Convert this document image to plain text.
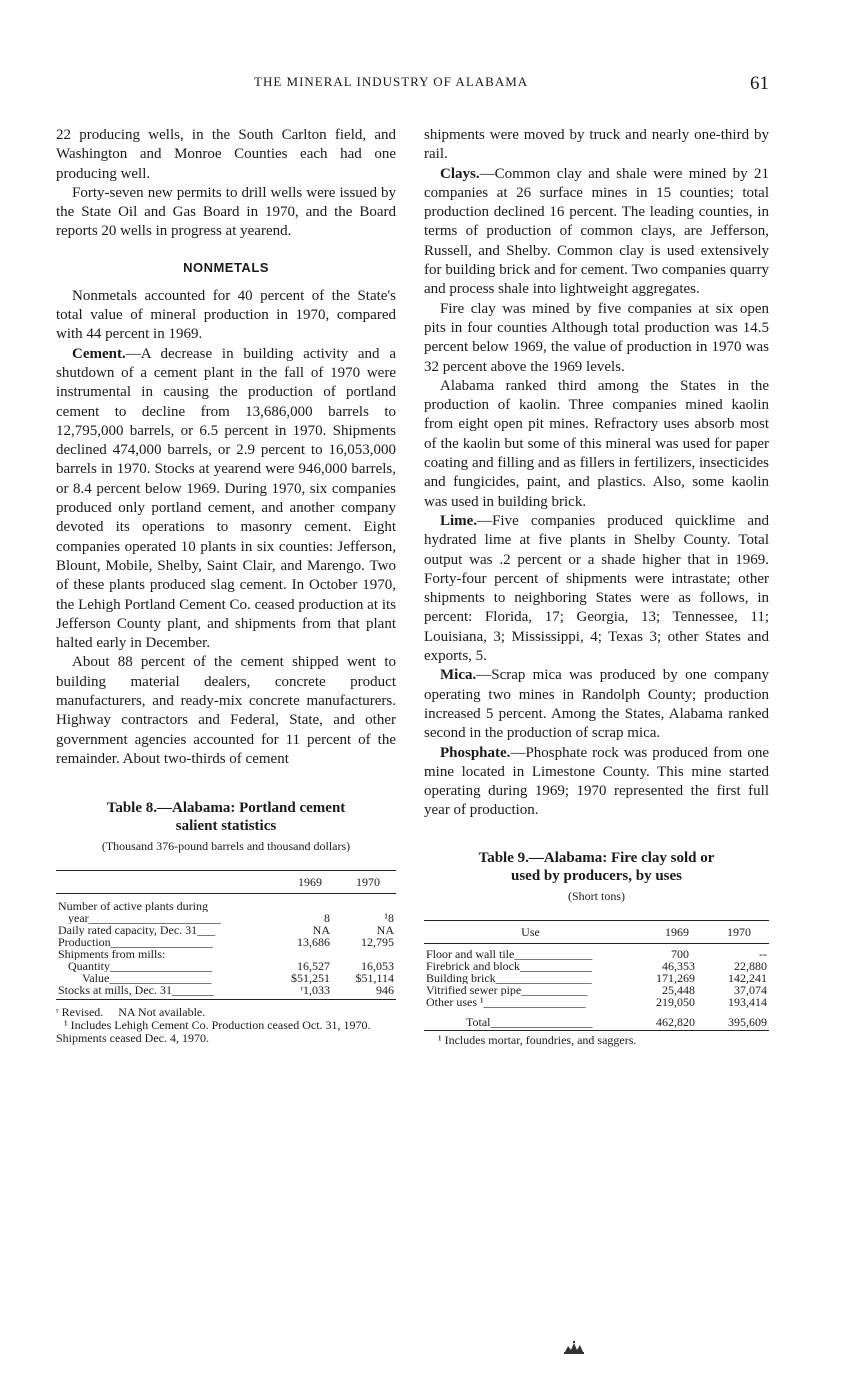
THE MINERAL INDUSTRY OF ALABAMA	61

22 producing wells, in the South Carlton field, and Washington and Monroe Counties each had one producing well.

Forty-seven new permits to drill wells were issued by the State Oil and Gas Board in 1970, and the Board reports 20 wells in progress at yearend.

NONMETALS

Nonmetals accounted for 40 percent of the State's total value of mineral production in 1970, compared with 44 percent in 1969.

Cement.—A decrease in building activity and a shutdown of a cement plant in the fall of 1970 were instrumental in causing the production of portland cement to decline from 13,686,000 barrels to 12,795,000 barrels, or 6.5 percent in 1970. Shipments declined 474,000 barrels, or 2.9 percent to 16,053,000 barrels in 1970. Stocks at yearend were 946,000 barrels, or 8.4 percent below 1969. During 1970, six companies produced only portland cement, and another company devoted its operations to masonry cement. Eight companies operated 10 plants in six counties: Jefferson, Blount, Mobile, Shelby, Saint Clair, and Marengo. Two of these plants produced slag cement. In October 1970, the Lehigh Portland Cement Co. ceased production at its Jefferson County plant, and shipments from that plant halted early in December.

About 88 percent of the cement shipped went to building material dealers, concrete product manufacturers, and ready-mix concrete manufacturers. Highway contractors and Federal, State, and other government agencies accounted for 11 percent of the remainder. About two-thirds of cement

Table 8.—Alabama: Portland cement
salient statistics
(Thousand 376-pound barrels and thousand dollars)
	1969	1970
Number of active plants during		
year______________________	8	¹8
Daily rated capacity, Dec. 31___	NA	NA
Production_________________	13,686	12,795
Shipments from mills:		
Quantity_________________	16,527	16,053
Value_________________	$51,251	$51,114
Stocks at mills, Dec. 31_______	ʳ1,033	946

ʳ Revised.     NA Not available.

¹ Includes Lehigh Cement Co. Production ceased Oct. 31, 1970. Shipments ceased Dec. 4, 1970.

shipments were moved by truck and nearly one-third by rail.

Clays.—Common clay and shale were mined by 21 companies at 26 surface mines in 15 counties; total production declined 16 percent. The leading counties, in terms of production of common clays, are Jefferson, Russell, and Shelby. Common clay is used extensively for building brick and for cement. Two companies quarry and process shale into lightweight aggregates.

Fire clay was mined by five companies at six open pits in four counties Although total production was 14.5 percent below 1969, the value of production in 1970 was 32 percent above the 1969 levels.

Alabama ranked third among the States in the production of kaolin. Three companies mined kaolin from eight open pit mines. Refractory uses absorb most of the kaolin but some of this mineral was used for paper coating and filling and as fillers in fertilizers, insecticides and fungicides, paint, and plastics. Also, some kaolin was used in building brick.

Lime.—Five companies produced quicklime and hydrated lime at five plants in Shelby County. Total output was .2 percent or a shade higher that in 1969. Forty-four percent of shipments were intrastate; other shipments to neighboring States were as follows, in percent: Florida, 17; Georgia, 13; Tennessee, 11; Louisiana, 3; Mississippi, 4; Texas 3; other States and exports, 5.

Mica.—Scrap mica was produced by one company operating two mines in Randolph County; production increased 5 percent. Among the States, Alabama ranked second in the production of scrap mica.

Phosphate.—Phosphate rock was produced from one mine located in Limestone County. This mine started operating during 1969; 1970 represented the first full year of production.

Table 9.—Alabama: Fire clay sold or
used by producers, by uses
(Short tons)
Use	1969	1970
Floor and wall tile_____________	700	--
Firebrick and block____________	46,353	22,880
Building brick________________	171,269	142,241
Vitrified sewer pipe___________	25,448	37,074
Other uses ¹_________________	219,050	193,414
Total_________________	462,820	395,609
¹ Includes mortar, foundries, and saggers.
